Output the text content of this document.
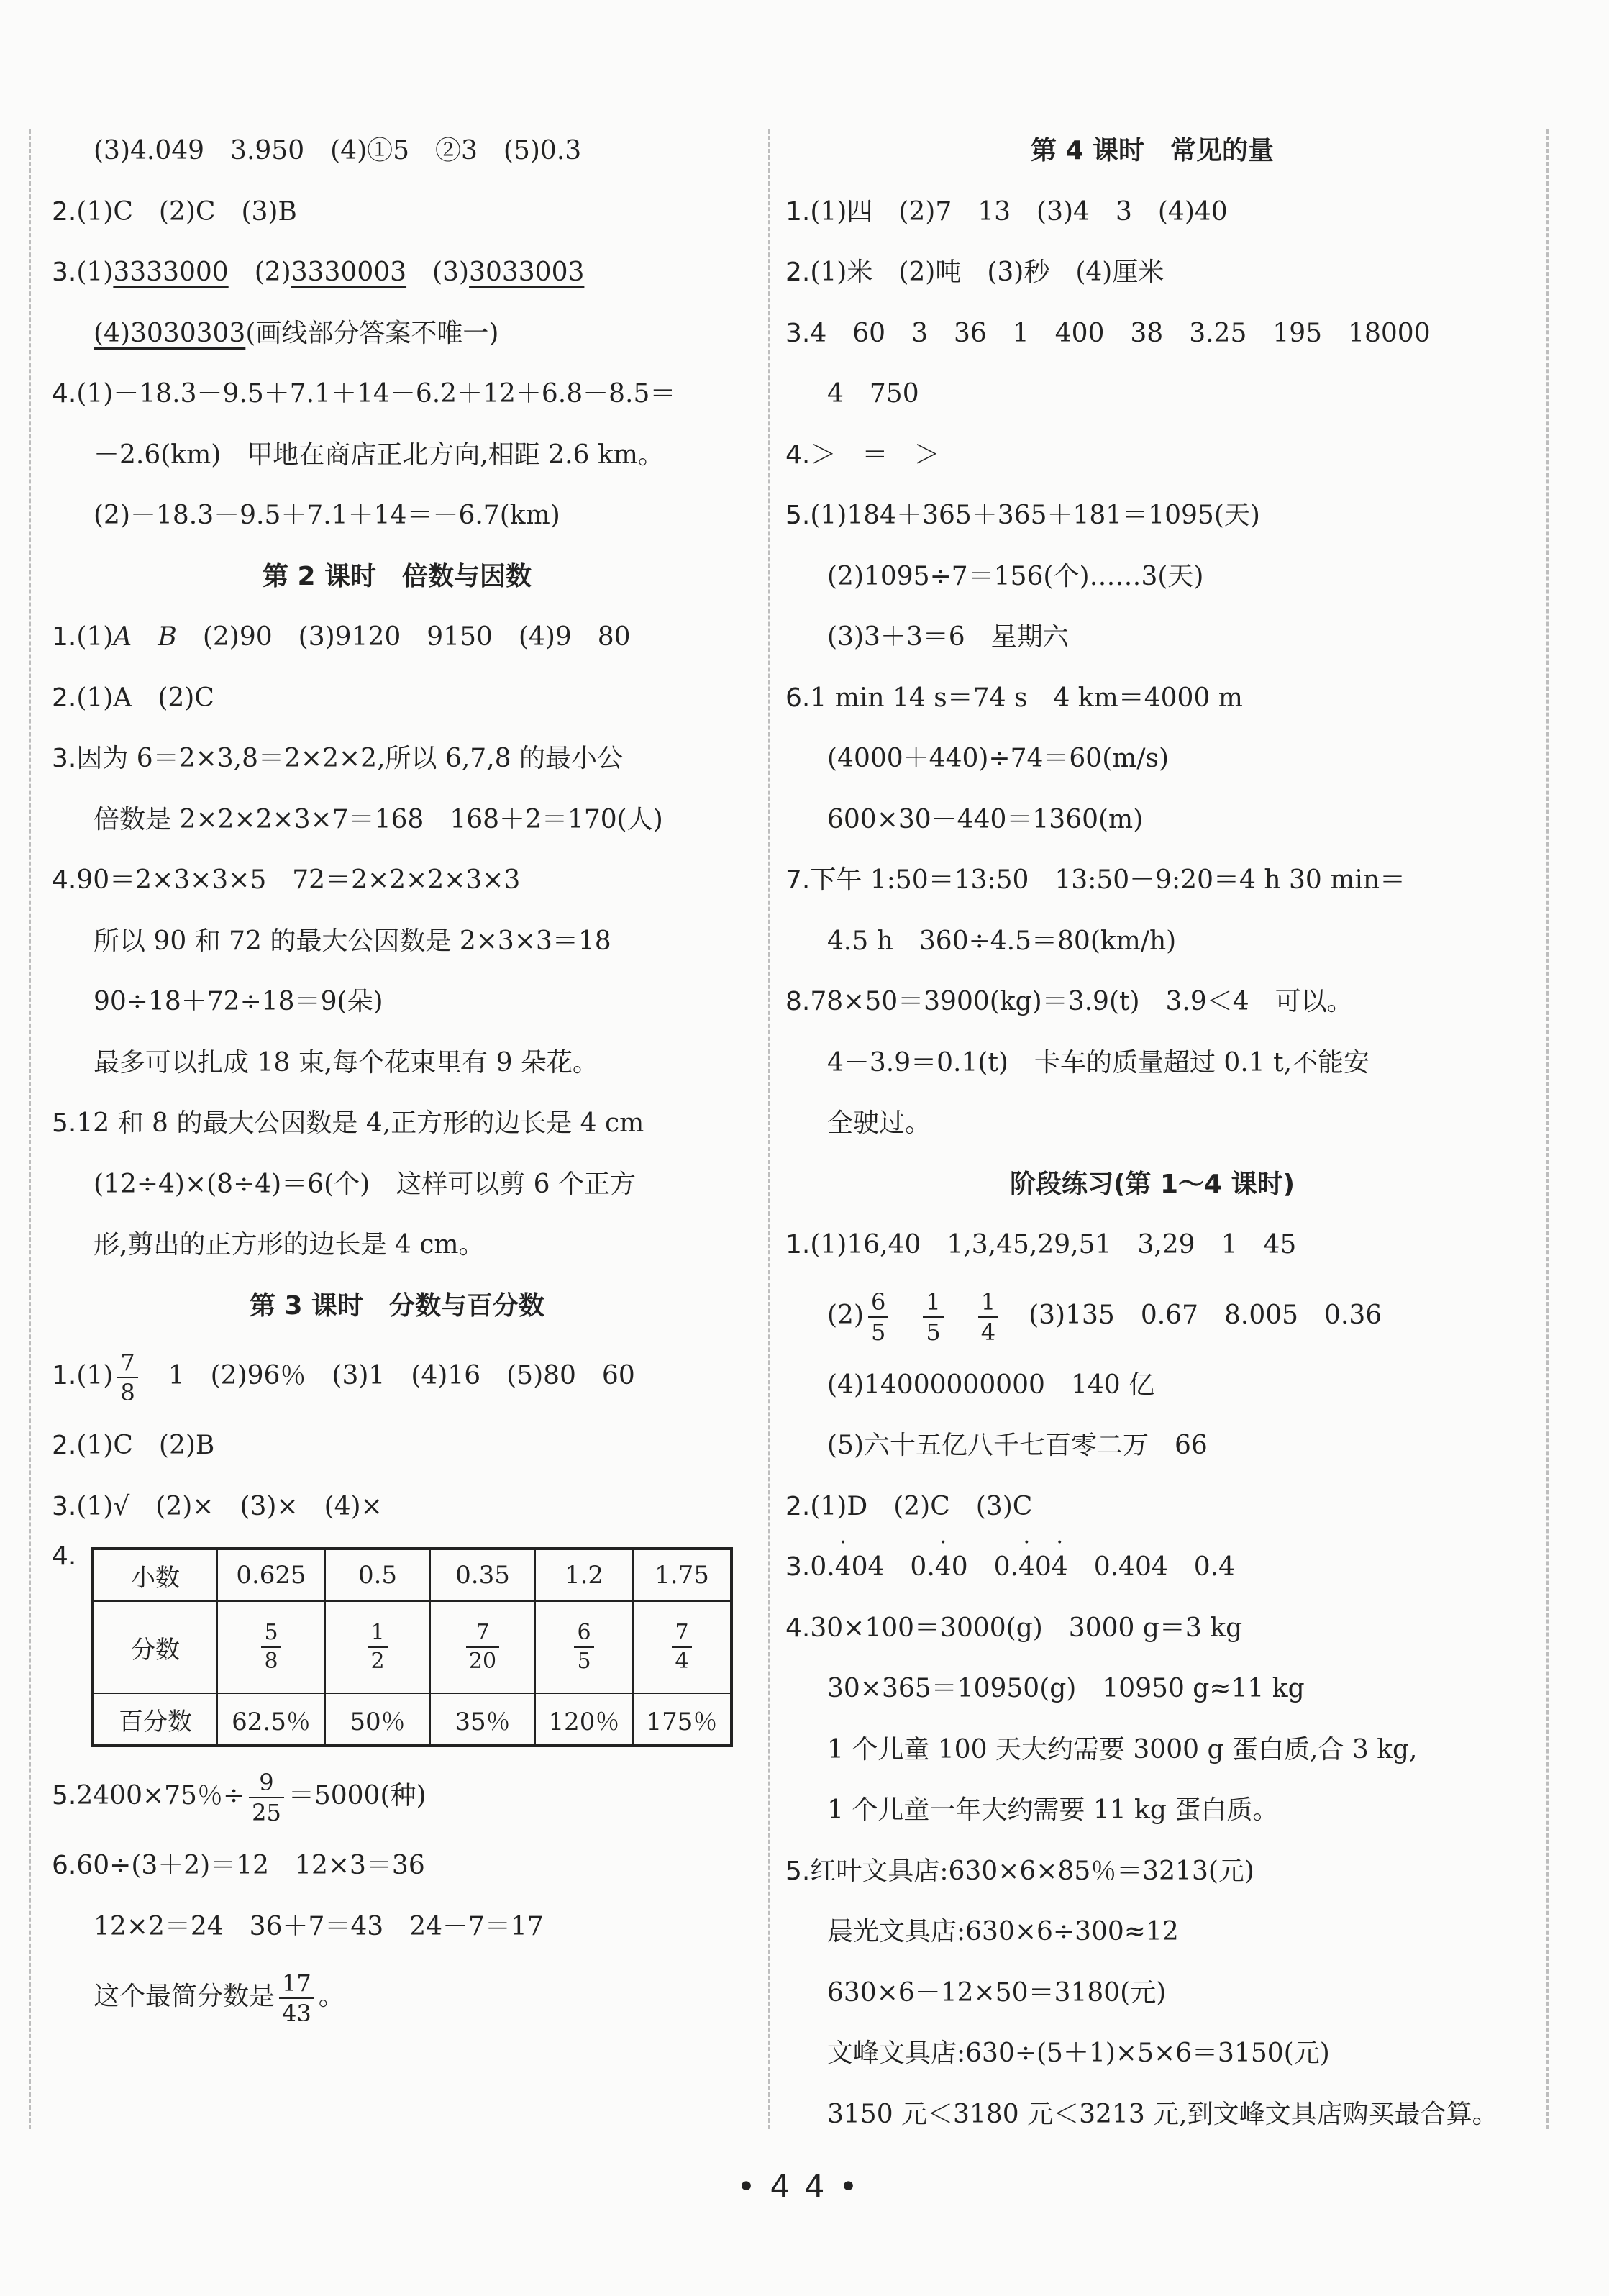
(3)4.049　3.950　(4)①5　②3　(5)0.3
2.(1)C　(2)C　(3)B
3.(1)3333000　(2)3330003　(3)3033003
(4)3030303(画线部分答案不唯一)
4.(1)－18.3－9.5＋7.1＋14－6.2＋12＋6.8－8.5＝
－2.6(km)　甲地在商店正北方向,相距 2.6 km。
(2)－18.3－9.5＋7.1＋14＝－6.7(km)
第 2 课时　倍数与因数
1.(1)A　 B　(2)90　(3)9120　9150　(4)9　80
2.(1)A　(2)C
3.因为 6＝2×3,8＝2×2×2,所以 6,7,8 的最小公
倍数是 2×2×2×3×7＝168　168＋2＝170(人)
4.90＝2×3×3×5　72＝2×2×2×3×3
所以 90 和 72 的最大公因数是 2×3×3＝18
90÷18＋72÷18＝9(朵)
最多可以扎成 18 束,每个花束里有 9 朵花。
5.12 和 8 的最大公因数是 4,正方形的边长是 4 cm
(12÷4)×(8÷4)＝6(个)　这样可以剪 6 个正方
形,剪出的正方形的边长是 4 cm。
第 3 课时　分数与百分数
$1.(1) \frac{7}{8}$ 　1　(2)96％　(3)1　(4)16　(5)80　60
2.(1)C　(2)B
3.(1)√　(2)×　(3)×　(4)×
4.
小数	0.625	0.5	0.35	1.2	1.75
分数	$\frac{5}{8}$	$\frac{1}{2}$	$\frac{7}{20}$	$\frac{6}{5}$	$\frac{7}{4}$

百分数	62.5％	50％	35％	120％	175％
5.2400×75％÷ $\frac{9}{25} =5000$(种)
6.60÷(3＋2)＝12　12×3＝36
12×2＝24　36＋7＝43　24－7＝17
这个最简分数是 $\frac{17}{43}$ 。
第 4 课时　常见的量
1.(1)四　(2)7　13　(3)4　3　(4)40
2.(1)米　(2)吨　(3)秒　(4)厘米
3.4　60　3　36　1　400　38　3.25　195　18000
4　750
4.＞　＝　＞
5.(1)184＋365＋365＋181＝1095(天)
(2)1095÷7＝156(个)……3(天)
(3)3＋3＝6　星期六
6.1 min 14 s＝74 s　4 km＝4000 m
(4000＋440)÷74＝60(m/s)
600×30－440＝1360(m)
7.下午 1:50＝13:50　13:50－9:20＝4 h 30 min＝
4.5 h　360÷4.5＝80(km/h)
8.78×50＝3900(kg)＝3.9(t)　3.9＜4　可以。
4－3.9＝0.1(t)　卡车的质量超过 0.1 t,不能安
全驶过。
阶段练习(第 1～4 课时)
1.(1)16,40　1,3,45,29,51　3,29　1　45
$(2) \frac{6}{5}$
　 $\frac{1}{5}$
　 $\frac{1}{4}$ 　(3)135　0.67　8.005　0.36
(4)14000000000　140 亿
(5)六十五亿八千七百零二万　66
2.(1)D　(2)C　(3)C
3.0.· 404　0.· 40　0.· 40· 4　0.404　0.4
4.30×100＝3000(g)　3000 g＝3 kg
30×365＝10950(g)　10950 g≈11 kg
1 个儿童 100 天大约需要 3000 g 蛋白质,合 3 kg,
1 个儿童一年大约需要 11 kg 蛋白质。
5.红叶文具店:630×6×85％＝3213(元)
晨光文具店:630×6÷300≈12
630×6－12×50＝3180(元)
文峰文具店:630÷(5＋1)×5×6＝3150(元)
3150 元＜3180 元＜3213 元,到文峰文具店购买最合算。
•44•
